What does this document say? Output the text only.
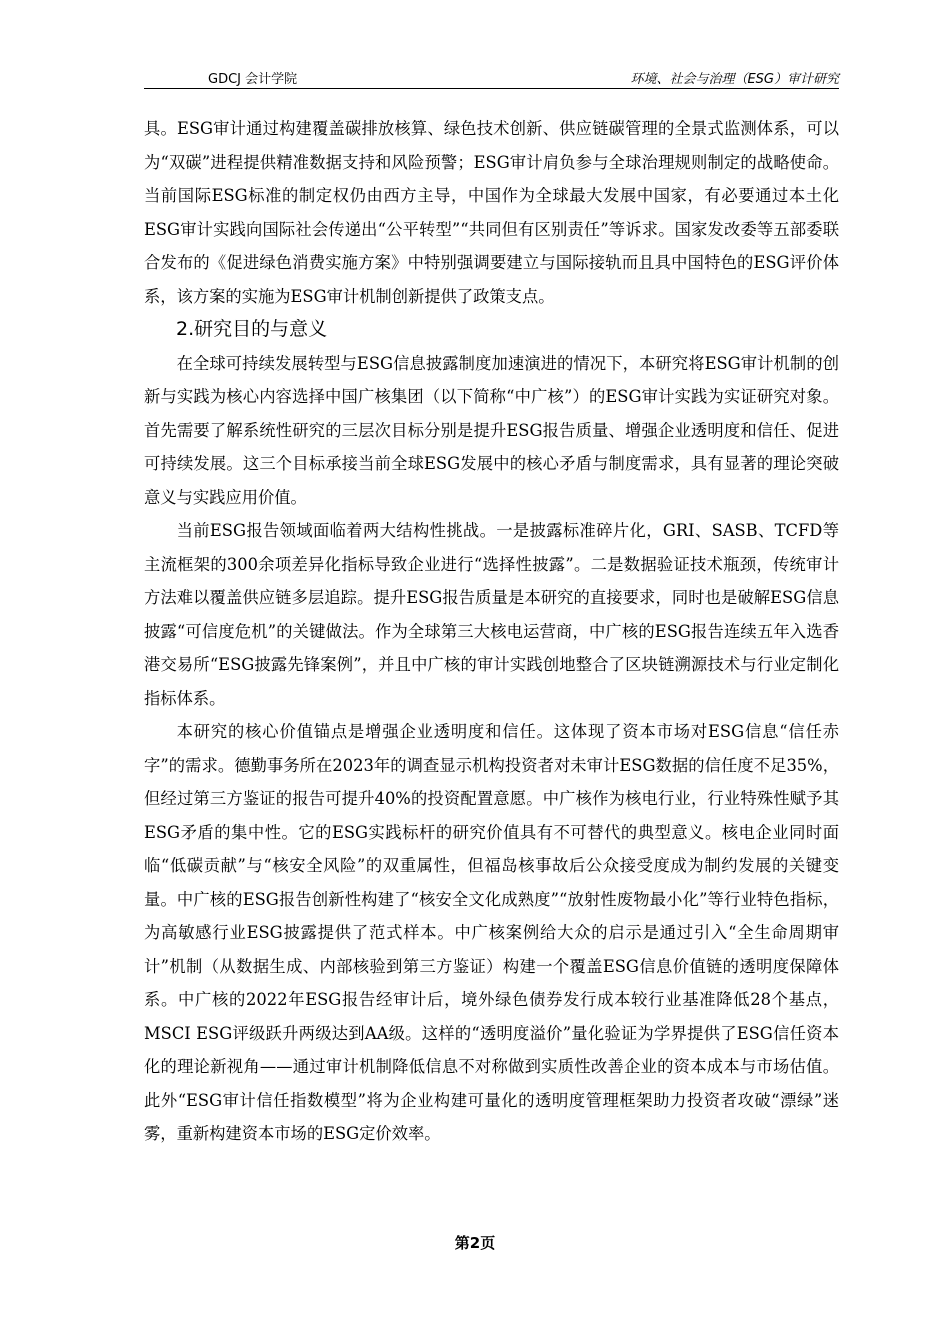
GDCJ 会计学院	环境、社会与治理（ESG）审计研究

具。ESG审计通过构建覆盖碳排放核算、绿色技术创新、供应链碳管理的全景式监测体系，可以为“双碳”进程提供精准数据支持和风险预警；ESG审计肩负参与全球治理规则制定的战略使命。当前国际ESG标准的制定权仍由西方主导，中国作为全球最大发展中国家，有必要通过本土化ESG审计实践向国际社会传递出“公平转型”“共同但有区别责任”等诉求。国家发改委等五部委联合发布的《促进绿色消费实施方案》中特别强调要建立与国际接轨而且具中国特色的ESG评价体系，该方案的实施为ESG审计机制创新提供了政策支点。

2.研究目的与意义

在全球可持续发展转型与ESG信息披露制度加速演进的情况下，本研究将ESG审计机制的创新与实践为核心内容选择中国广核集团（以下简称“中广核”）的ESG审计实践为实证研究对象。首先需要了解系统性研究的三层次目标分别是提升ESG报告质量、增强企业透明度和信任、促进可持续发展。这三个目标承接当前全球ESG发展中的核心矛盾与制度需求，具有显著的理论突破意义与实践应用价值。

当前ESG报告领域面临着两大结构性挑战。一是披露标准碎片化，GRI、SASB、TCFD等主流框架的300余项差异化指标导致企业进行“选择性披露”。二是数据验证技术瓶颈，传统审计方法难以覆盖供应链多层追踪。提升ESG报告质量是本研究的直接要求，同时也是破解ESG信息披露“可信度危机”的关键做法。作为全球第三大核电运营商，中广核的ESG报告连续五年入选香港交易所“ESG披露先锋案例”，并且中广核的审计实践创地整合了区块链溯源技术与行业定制化指标体系。

本研究的核心价值锚点是增强企业透明度和信任。这体现了资本市场对ESG信息“信任赤字”的需求。德勤事务所在2023年的调查显示机构投资者对未审计ESG数据的信任度不足35%，但经过第三方鉴证的报告可提升40%的投资配置意愿。中广核作为核电行业，行业特殊性赋予其ESG矛盾的集中性。它的ESG实践标杆的研究价值具有不可替代的典型意义。核电企业同时面临“低碳贡献”与“核安全风险”的双重属性，但福岛核事故后公众接受度成为制约发展的关键变量。中广核的ESG报告创新性构建了“核安全文化成熟度”“放射性废物最小化”等行业特色指标，为高敏感行业ESG披露提供了范式样本。中广核案例给大众的启示是通过引入“全生命周期审计”机制（从数据生成、内部核验到第三方鉴证）构建一个覆盖ESG信息价值链的透明度保障体系。中广核的2022年ESG报告经审计后，境外绿色债券发行成本较行业基准降低28个基点，MSCI ESG评级跃升两级达到AA级。这样的“透明度溢价”量化验证为学界提供了ESG信任资本化的理论新视角——通过审计机制降低信息不对称做到实质性改善企业的资本成本与市场估值。此外“ESG审计信任指数模型”将为企业构建可量化的透明度管理框架助力投资者攻破“漂绿”迷雾，重新构建资本市场的ESG定价效率。

第2页
